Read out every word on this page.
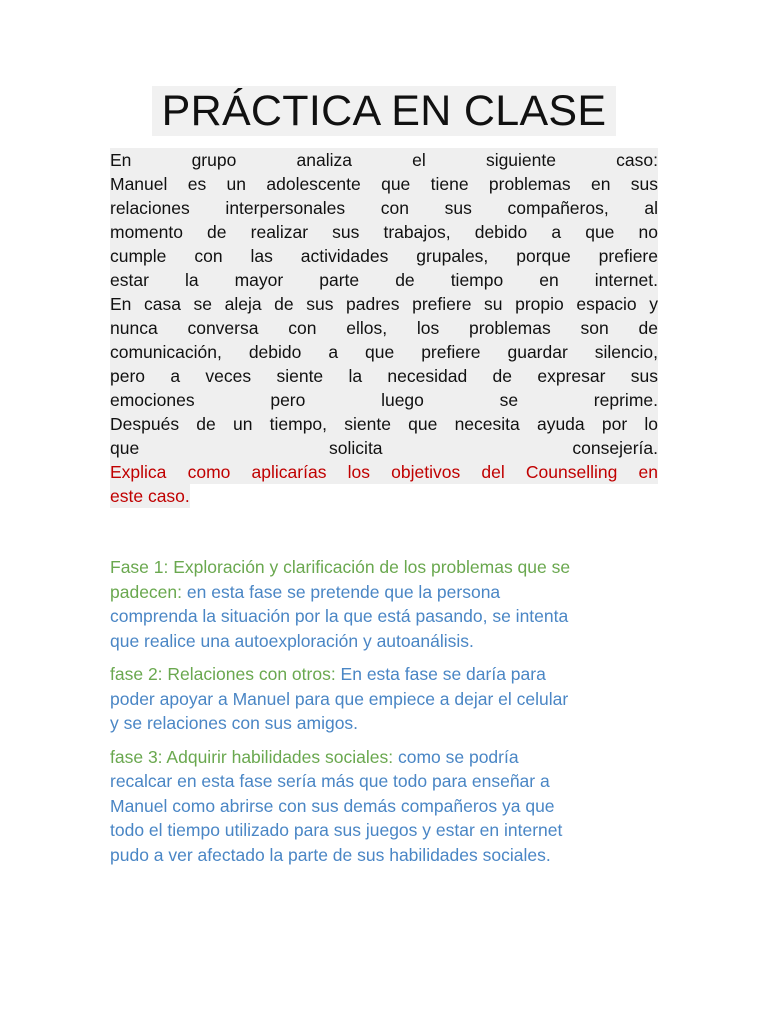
PRÁCTICA EN CLASE
En grupo analiza el siguiente caso:
Manuel es un adolescente que tiene problemas en sus
relaciones interpersonales con sus compañeros, al
momento de realizar sus trabajos, debido a que no
cumple con las actividades grupales, porque prefiere
estar la mayor parte de tiempo en internet.
En casa se aleja de sus padres prefiere su propio espacio y
nunca conversa con ellos, los problemas son de
comunicación, debido a que prefiere guardar silencio,
pero a veces siente la necesidad de expresar sus
emociones pero luego se reprime.
Después de un tiempo, siente que necesita ayuda por lo
que solicita consejería.
Explica como aplicarías los objetivos del Counselling en
este caso.
Fase 1: Exploración y clarificación de los problemas que se
padecen: en esta fase se pretende que la persona
comprenda la situación por la que está pasando, se intenta
que realice una autoexploración y autoanálisis.
fase 2: Relaciones con otros: En esta fase se daría para
poder apoyar a Manuel para que empiece a dejar el celular
y se relaciones con sus amigos.
fase 3: Adquirir habilidades sociales: como se podría
recalcar en esta fase sería más que todo para enseñar a
Manuel como abrirse con sus demás compañeros ya que
todo el tiempo utilizado para sus juegos y estar en internet
pudo a ver afectado la parte de sus habilidades sociales.
